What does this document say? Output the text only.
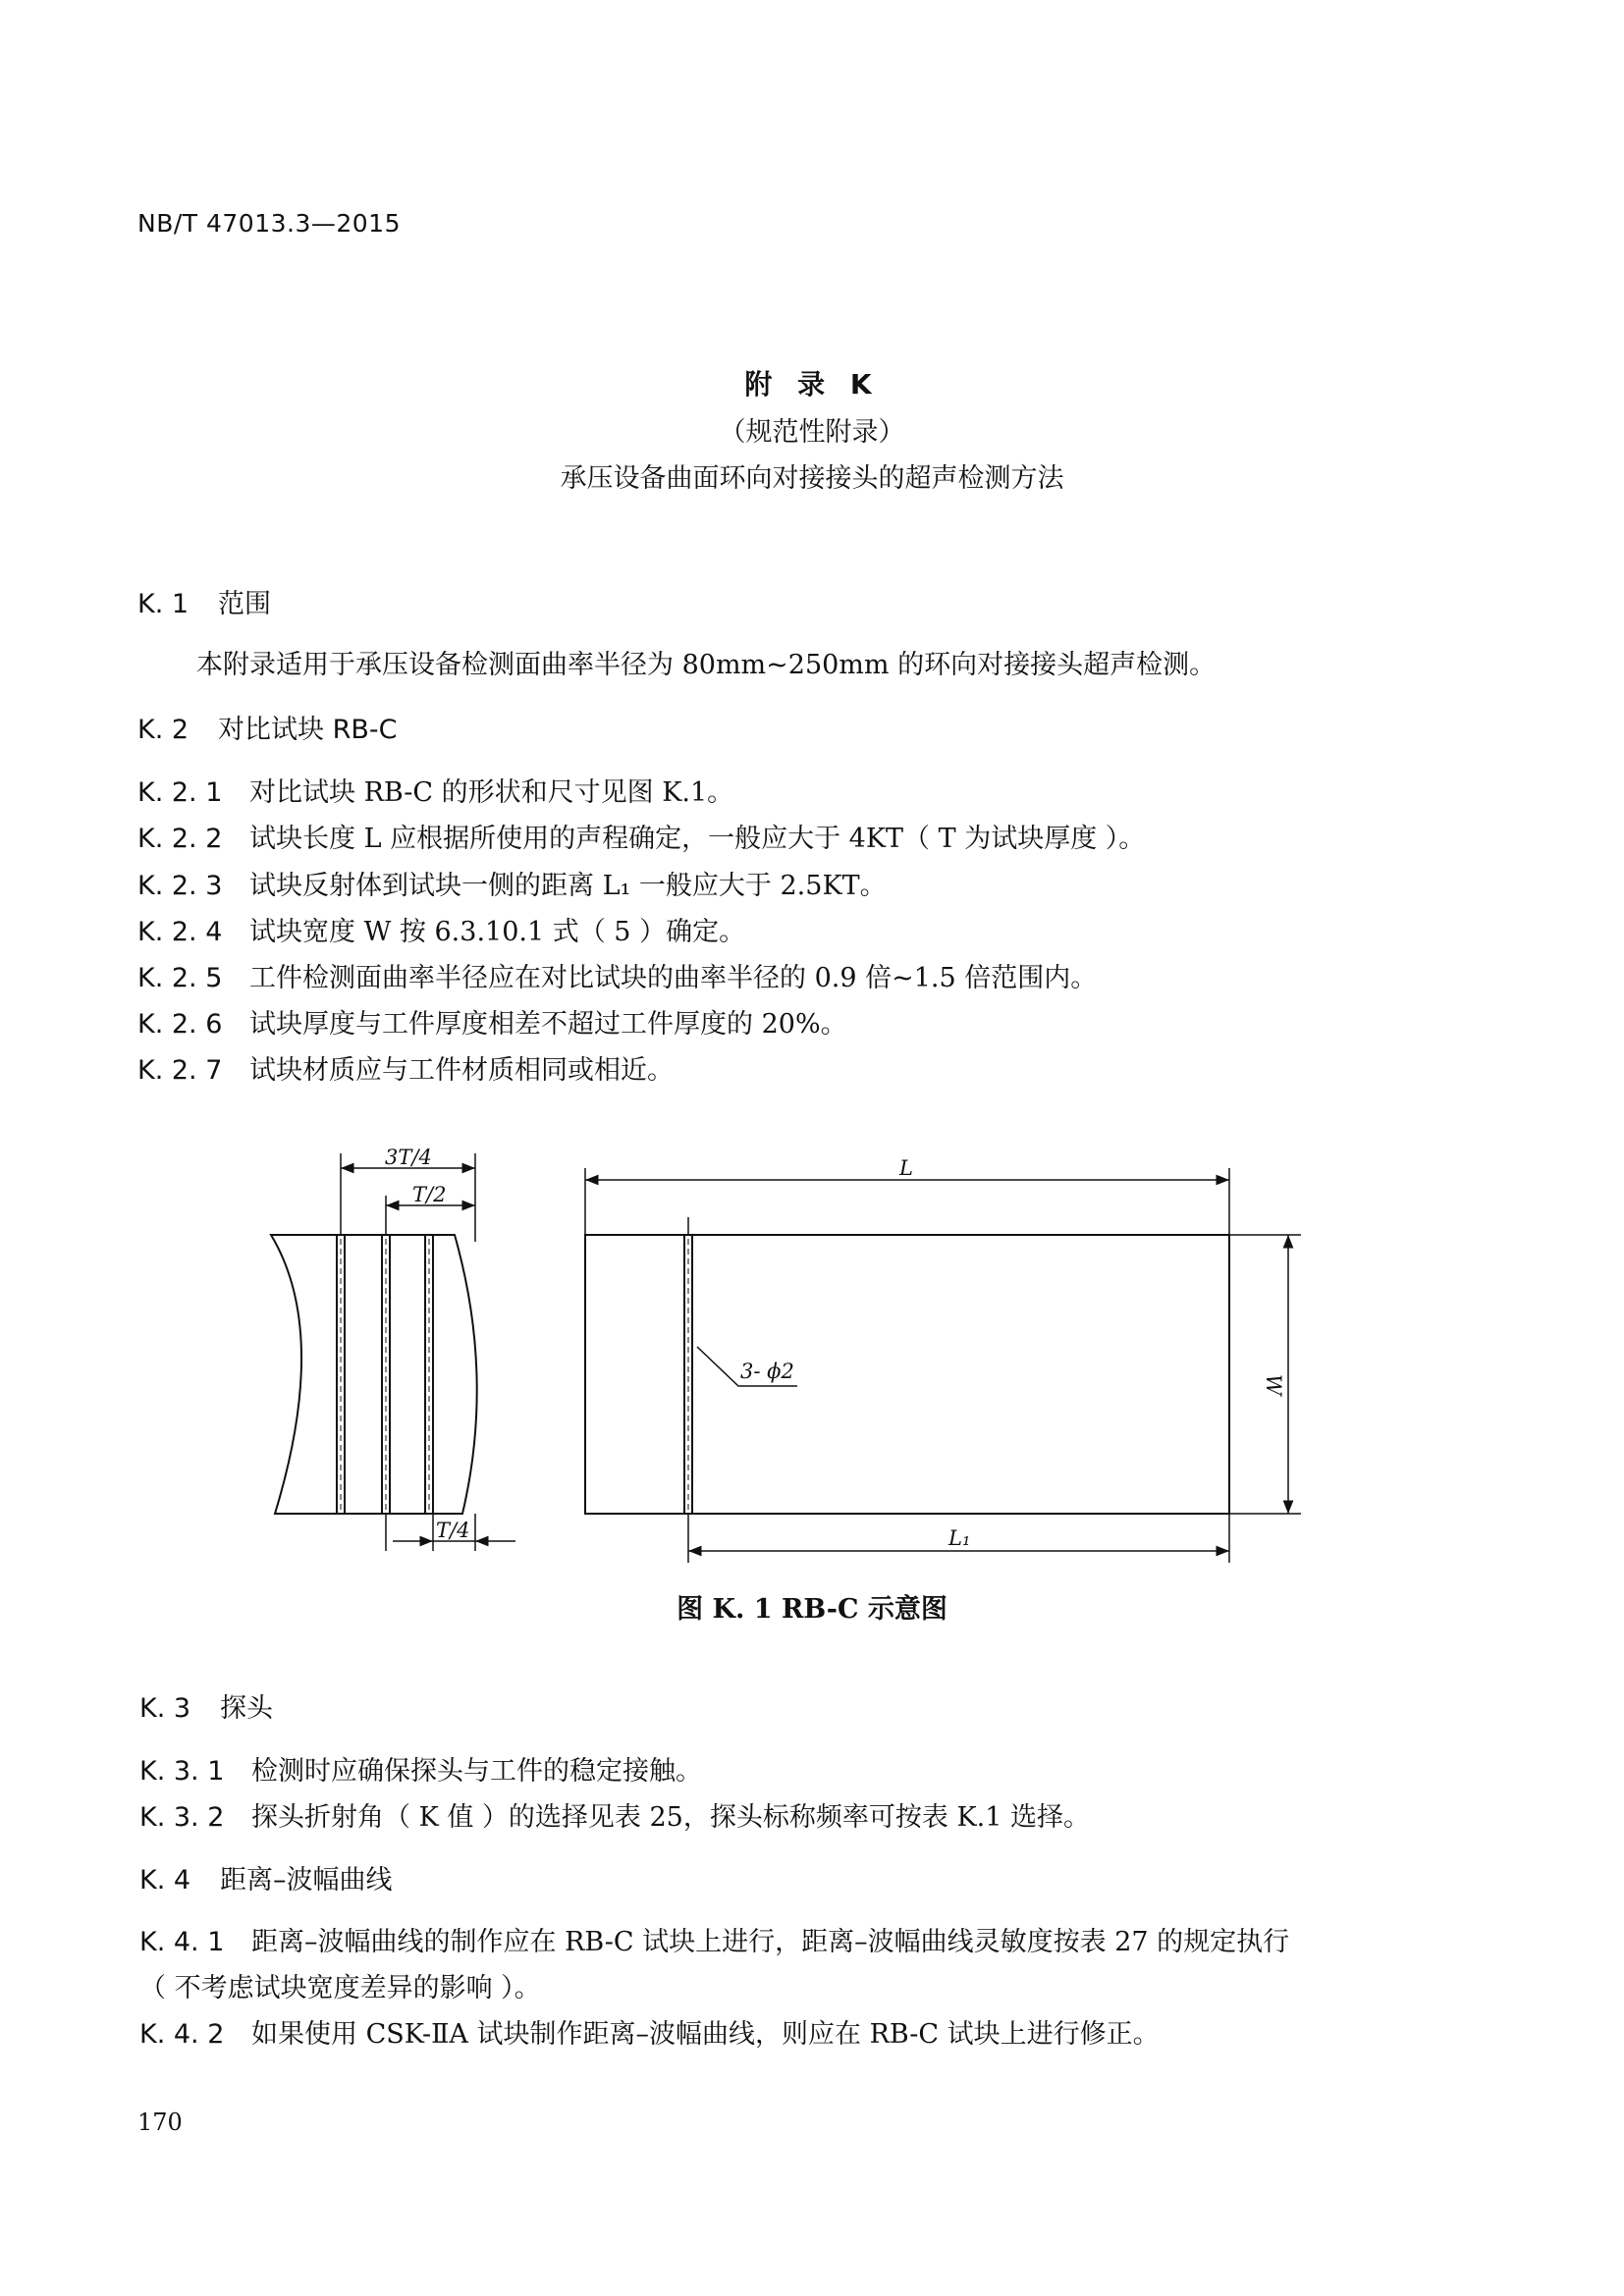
NB/T 47013.3—2015
附 录 K
（规范性附录）
承压设备曲面环向对接接头的超声检测方法
K. 1 范围
本附录适用于承压设备检测面曲率半径为 80mm~250mm 的环向对接接头超声检测。
K. 2 对比试块 RB-C
K. 2. 1 对比试块 RB-C 的形状和尺寸见图 K.1。
K. 2. 2 试块长度 L 应根据所使用的声程确定，一般应大于 4KT（ T 为试块厚度 ）。
K. 2. 3 试块反射体到试块一侧的距离 L₁ 一般应大于 2.5KT。
K. 2. 4 试块宽度 W 按 6.3.10.1 式（ 5 ）确定。
K. 2. 5 工件检测面曲率半径应在对比试块的曲率半径的 0.9 倍~1.5 倍范围内。
K. 2. 6 试块厚度与工件厚度相差不超过工件厚度的 20%。
K. 2. 7 试块材质应与工件材质相同或相近。
3T/4
T/2
T/4
L
W
L₁
3- ϕ2
图 K. 1 RB-C 示意图
K. 3 探头
K. 3. 1 检测时应确保探头与工件的稳定接触。
K. 3. 2 探头折射角（ K 值 ）的选择见表 25，探头标称频率可按表 K.1 选择。
K. 4 距离–波幅曲线
K. 4. 1 距离–波幅曲线的制作应在 RB-C 试块上进行，距离–波幅曲线灵敏度按表 27 的规定执行
（ 不考虑试块宽度差异的影响 ）。
K. 4. 2 如果使用 CSK-ⅡA 试块制作距离–波幅曲线，则应在 RB-C 试块上进行修正。
170
